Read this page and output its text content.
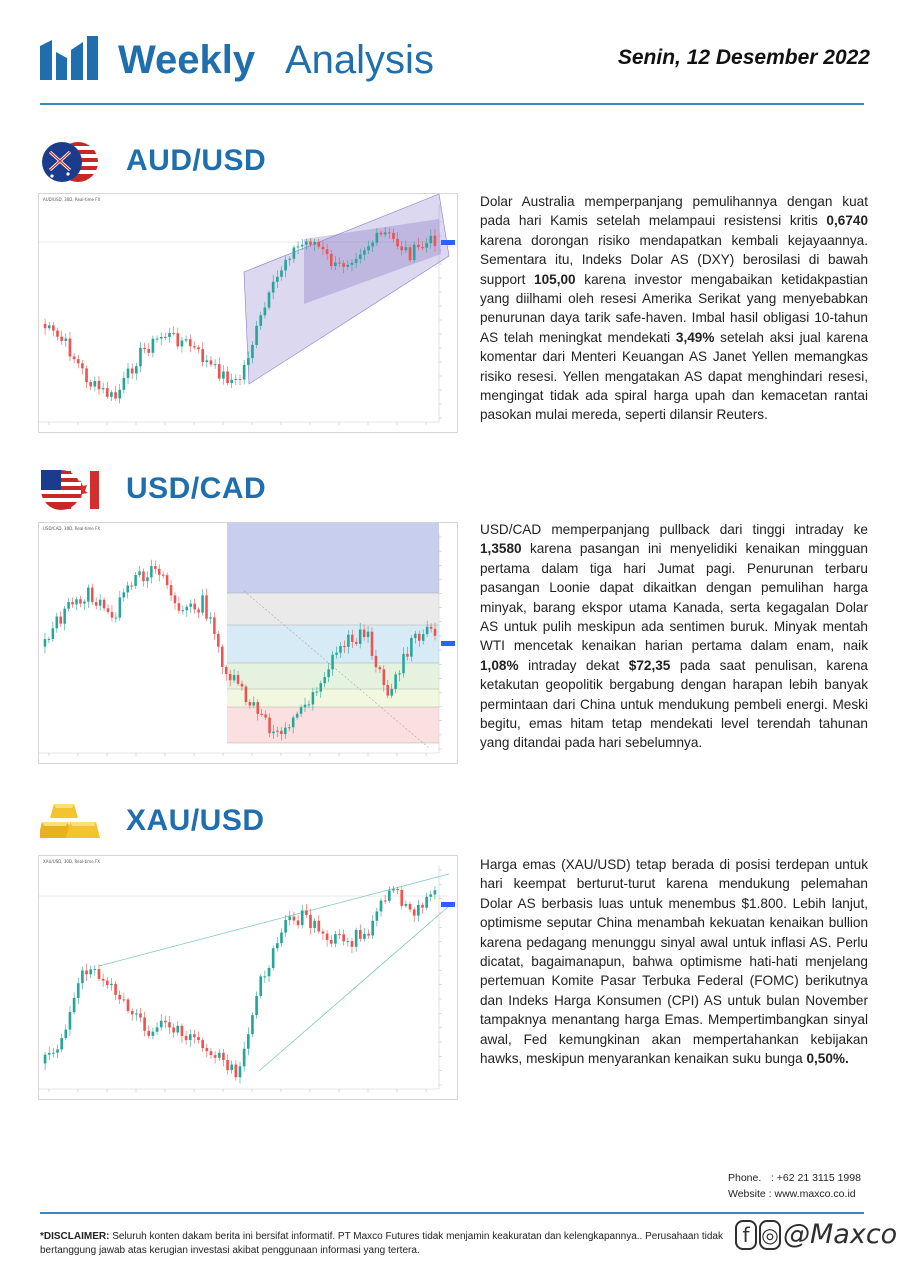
Weekly Analysis	Senin, 12 Desember 2022
AUD/USD
AUD/USD, 30D, Real-time FX	Dolar Australia memperpanjang pemulihannya dengan kuat pada hari Kamis setelah melampaui resistensi kritis 0,6740 karena dorongan risiko mendapatkan kembali kejayaannya. Sementara itu, Indeks Dolar AS (DXY) berosilasi di bawah support 105,00 karena investor mengabaikan ketidakpastian yang diilhami oleh resesi Amerika Serikat yang menyebabkan penurunan daya tarik safe-haven. Imbal hasil obligasi 10-tahun AS telah meningkat mendekati 3,49% setelah aksi jual karena komentar dari Menteri Keuangan AS Janet Yellen memangkas risiko resesi. Yellen mengatakan AS dapat menghindari resesi, mengingat tidak ada spiral harga upah dan kemacetan rantai pasokan mulai mereda, seperti dilansir Reuters.

USD/CAD
USD/CAD, 30D, Real-time FX	USD/CAD memperpanjang pullback dari tinggi intraday ke 1,3580 karena pasangan ini menyelidiki kenaikan mingguan pertama dalam tiga hari Jumat pagi. Penurunan terbaru pasangan Loonie dapat dikaitkan dengan pemulihan harga minyak, barang ekspor utama Kanada, serta kegagalan Dolar AS untuk pulih meskipun ada sentimen buruk. Minyak mentah WTI mencetak kenaikan harian pertama dalam enam, naik 1,08% intraday dekat $72,35 pada saat penulisan, karena ketakutan geopolitik bergabung dengan harapan lebih banyak permintaan dari China untuk mendukung pembeli energi. Meski begitu, emas hitam tetap mendekati level terendah tahunan yang ditandai pada hari sebelumnya.

XAU/USD
XAU/USD, 30D, Real-time FX	Harga emas (XAU/USD) tetap berada di posisi terdepan untuk hari keempat berturut-turut karena mendukung pelemahan Dolar AS berbasis luas untuk menembus $1.800. Lebih lanjut, optimisme seputar China menambah kekuatan kenaikan bullion karena pedagang menunggu sinyal awal untuk inflasi AS. Perlu dicatat, bagaimanapun, bahwa optimisme hati-hati menjelang pertemuan Komite Pasar Terbuka Federal (FOMC) berikutnya dan Indeks Harga Konsumen (CPI) AS untuk bulan November tampaknya menantang harga Emas. Mempertimbangkan sinyal awal, Fed kemungkinan akan mempertahankan kebijakan hawks, meskipun menyarankan kenaikan suku bunga 0,50%.

Phone. : +62 21 3115 1998
Website : www.maxco.co.id

*DISCLAIMER: Seluruh konten dakam berita ini bersifat informatif. PT Maxco Futures tidak menjamin keakuratan dan kelengkapannya.. Perusahaan tidak bertanggung jawab atas kerugian investasi akibat penggunaan informasi yang tertera.

f ◎ @Maxco
